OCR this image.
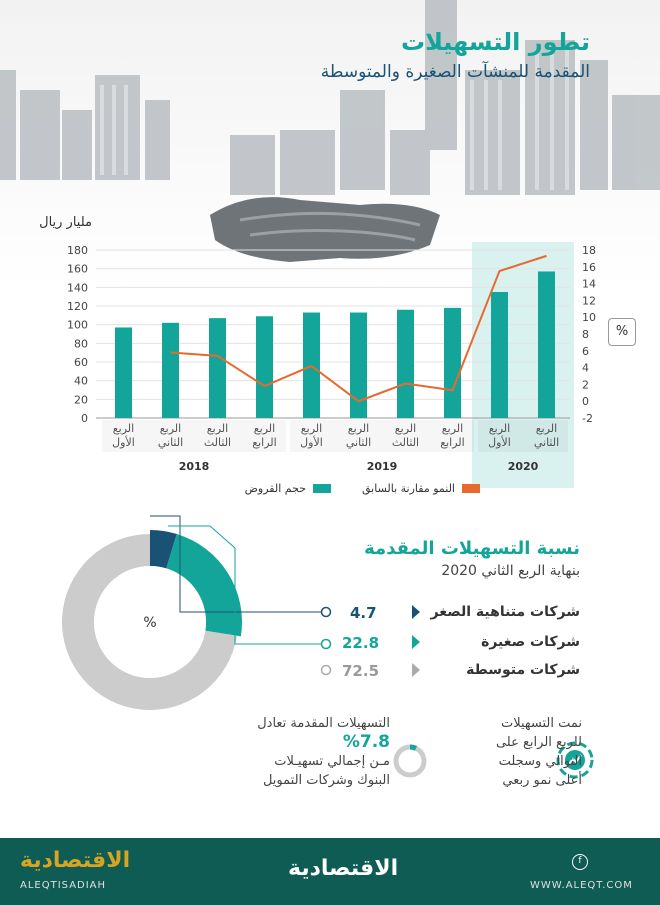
تطور التسهيلات
المقدمة للمنشآت الصغيرة والمتوسطة
مليار ريال
0
20
40
60
80
100
120
140
160
180
-2
0
2
4
6
8
10
12
14
16
18
الربع
الأول
الربع
الثاني
الربع
الثالث
الربع
الرابع
الربع
الأول
الربع
الثاني
الربع
الثالث
الربع
الرابع
الربع
الأول
الربع
الثاني
2018	2019	2020
حجم القروض	النمو مقارنة بالسابق
%
%
نسبة التسهيلات المقدمة
بنهاية الربع الثاني 2020
شركات متناهية الصغر
4.7
شركات صغيرة
22.8
شركات متوسطة
72.5
نمت التسهيلات للربع الرابع على التوالي وسجلت أعلى نمو ربعي
التسهيلات المقدمة تعادل
%7.8
مـن إجمالي تسهيـلات البنوك وشركات التمويل
الاقتصادية
ALEQTISADIAH
الاقتصادية	f
WWW.ALEQT.COM
